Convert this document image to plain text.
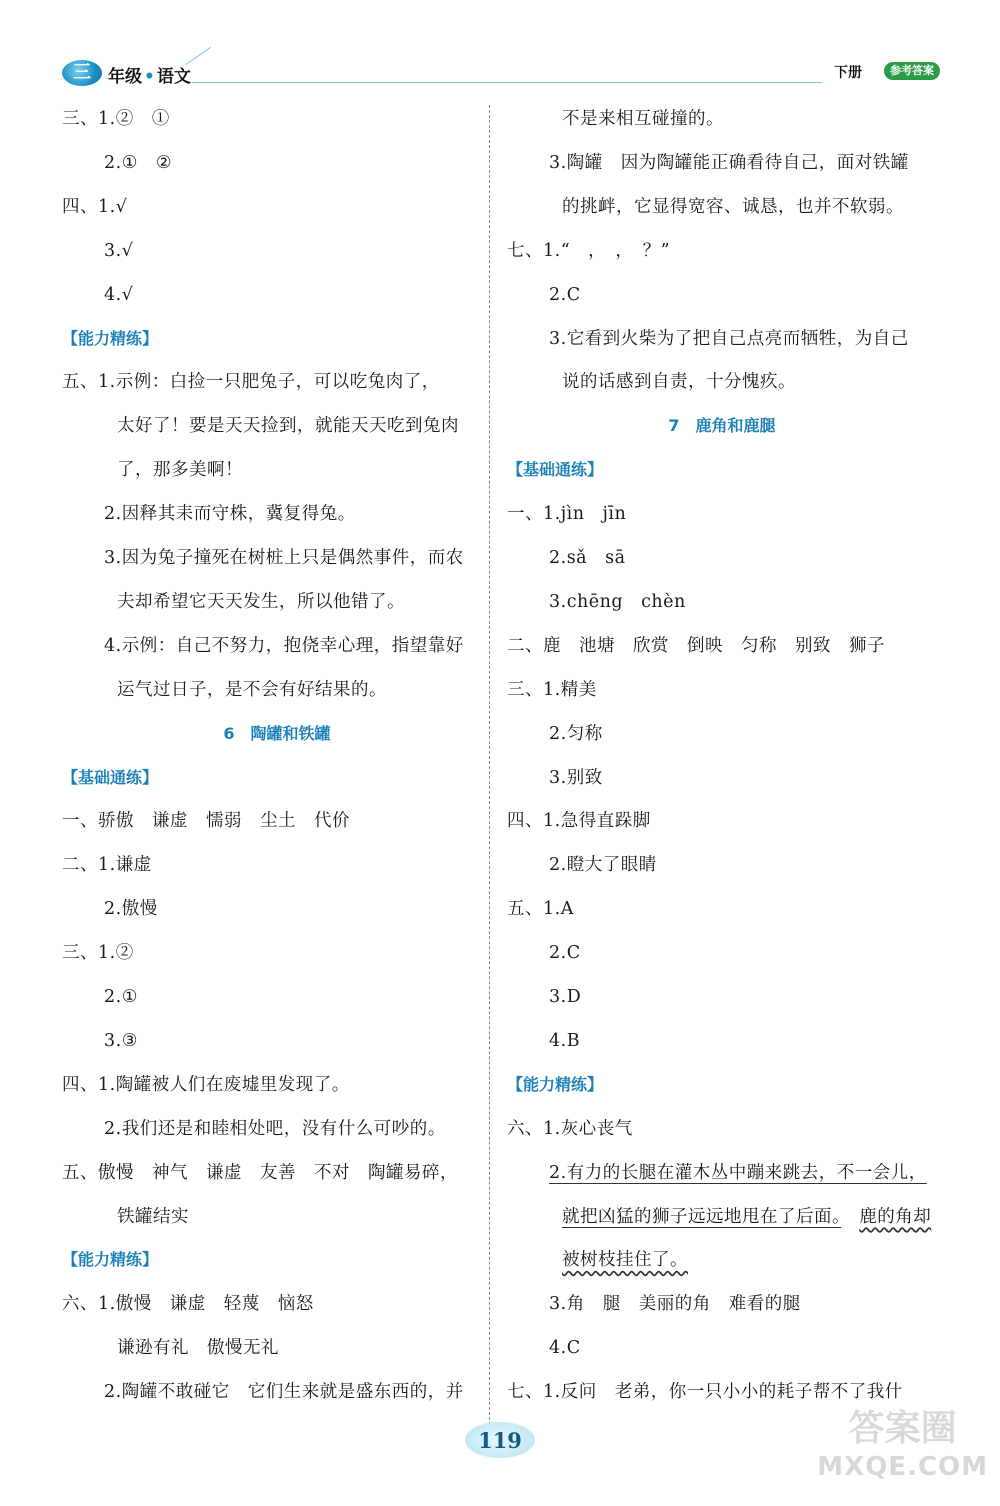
三	年级 • 语文	下册	参考答案
三、1.②　①
2.①　②
四、1.√
3.√
4.√
【能力精练】
五、1.示例：白捡一只肥兔子，可以吃兔肉了，
太好了！要是天天捡到，就能天天吃到兔肉
了，那多美啊！
2.因释其耒而守株，冀复得兔。
3.因为兔子撞死在树桩上只是偶然事件，而农
夫却希望它天天发生，所以他错了。
4.示例：自己不努力，抱侥幸心理，指望靠好
运气过日子，是不会有好结果的。
6　陶罐和铁罐
【基础通练】
一、骄傲　谦虚　懦弱　尘土　代价
二、1.谦虚
2.傲慢
三、1.②
2.①
3.③
四、1.陶罐被人们在废墟里发现了。
2.我们还是和睦相处吧，没有什么可吵的。
五、傲慢　神气　谦虚　友善　不对　陶罐易碎，
铁罐结实
【能力精练】
六、1.傲慢　谦虚　轻蔑　恼怒
谦逊有礼　傲慢无礼
2.陶罐不敢碰它　它们生来就是盛东西的，并
不是来相互碰撞的。
3.陶罐　因为陶罐能正确看待自己，面对铁罐
的挑衅，它显得宽容、诚恳，也并不软弱。
七、1.“　，　，　？”
2.C
3.它看到火柴为了把自己点亮而牺牲，为自己
说的话感到自责，十分愧疚。
7　鹿角和鹿腿
【基础通练】
一、1.jìn　jīn
2.sǎ　sā
3.chēng　chèn
二、鹿　池塘　欣赏　倒映　匀称　别致　狮子
三、1.精美
2.匀称
3.别致
四、1.急得直跺脚
2.瞪大了眼睛
五、1.A
2.C
3.D
4.B
【能力精练】
六、1.灰心丧气
2.有力的长腿在灌木丛中蹦来跳去，不一会儿，
就把凶猛的狮子远远地甩在了后面。　 鹿的角却
被树枝挂住了。
3.角　腿　美丽的角　难看的腿
4.C
七、1.反问　老弟，你一只小小的耗子帮不了我什
119	答案圈
MXQE.COM
